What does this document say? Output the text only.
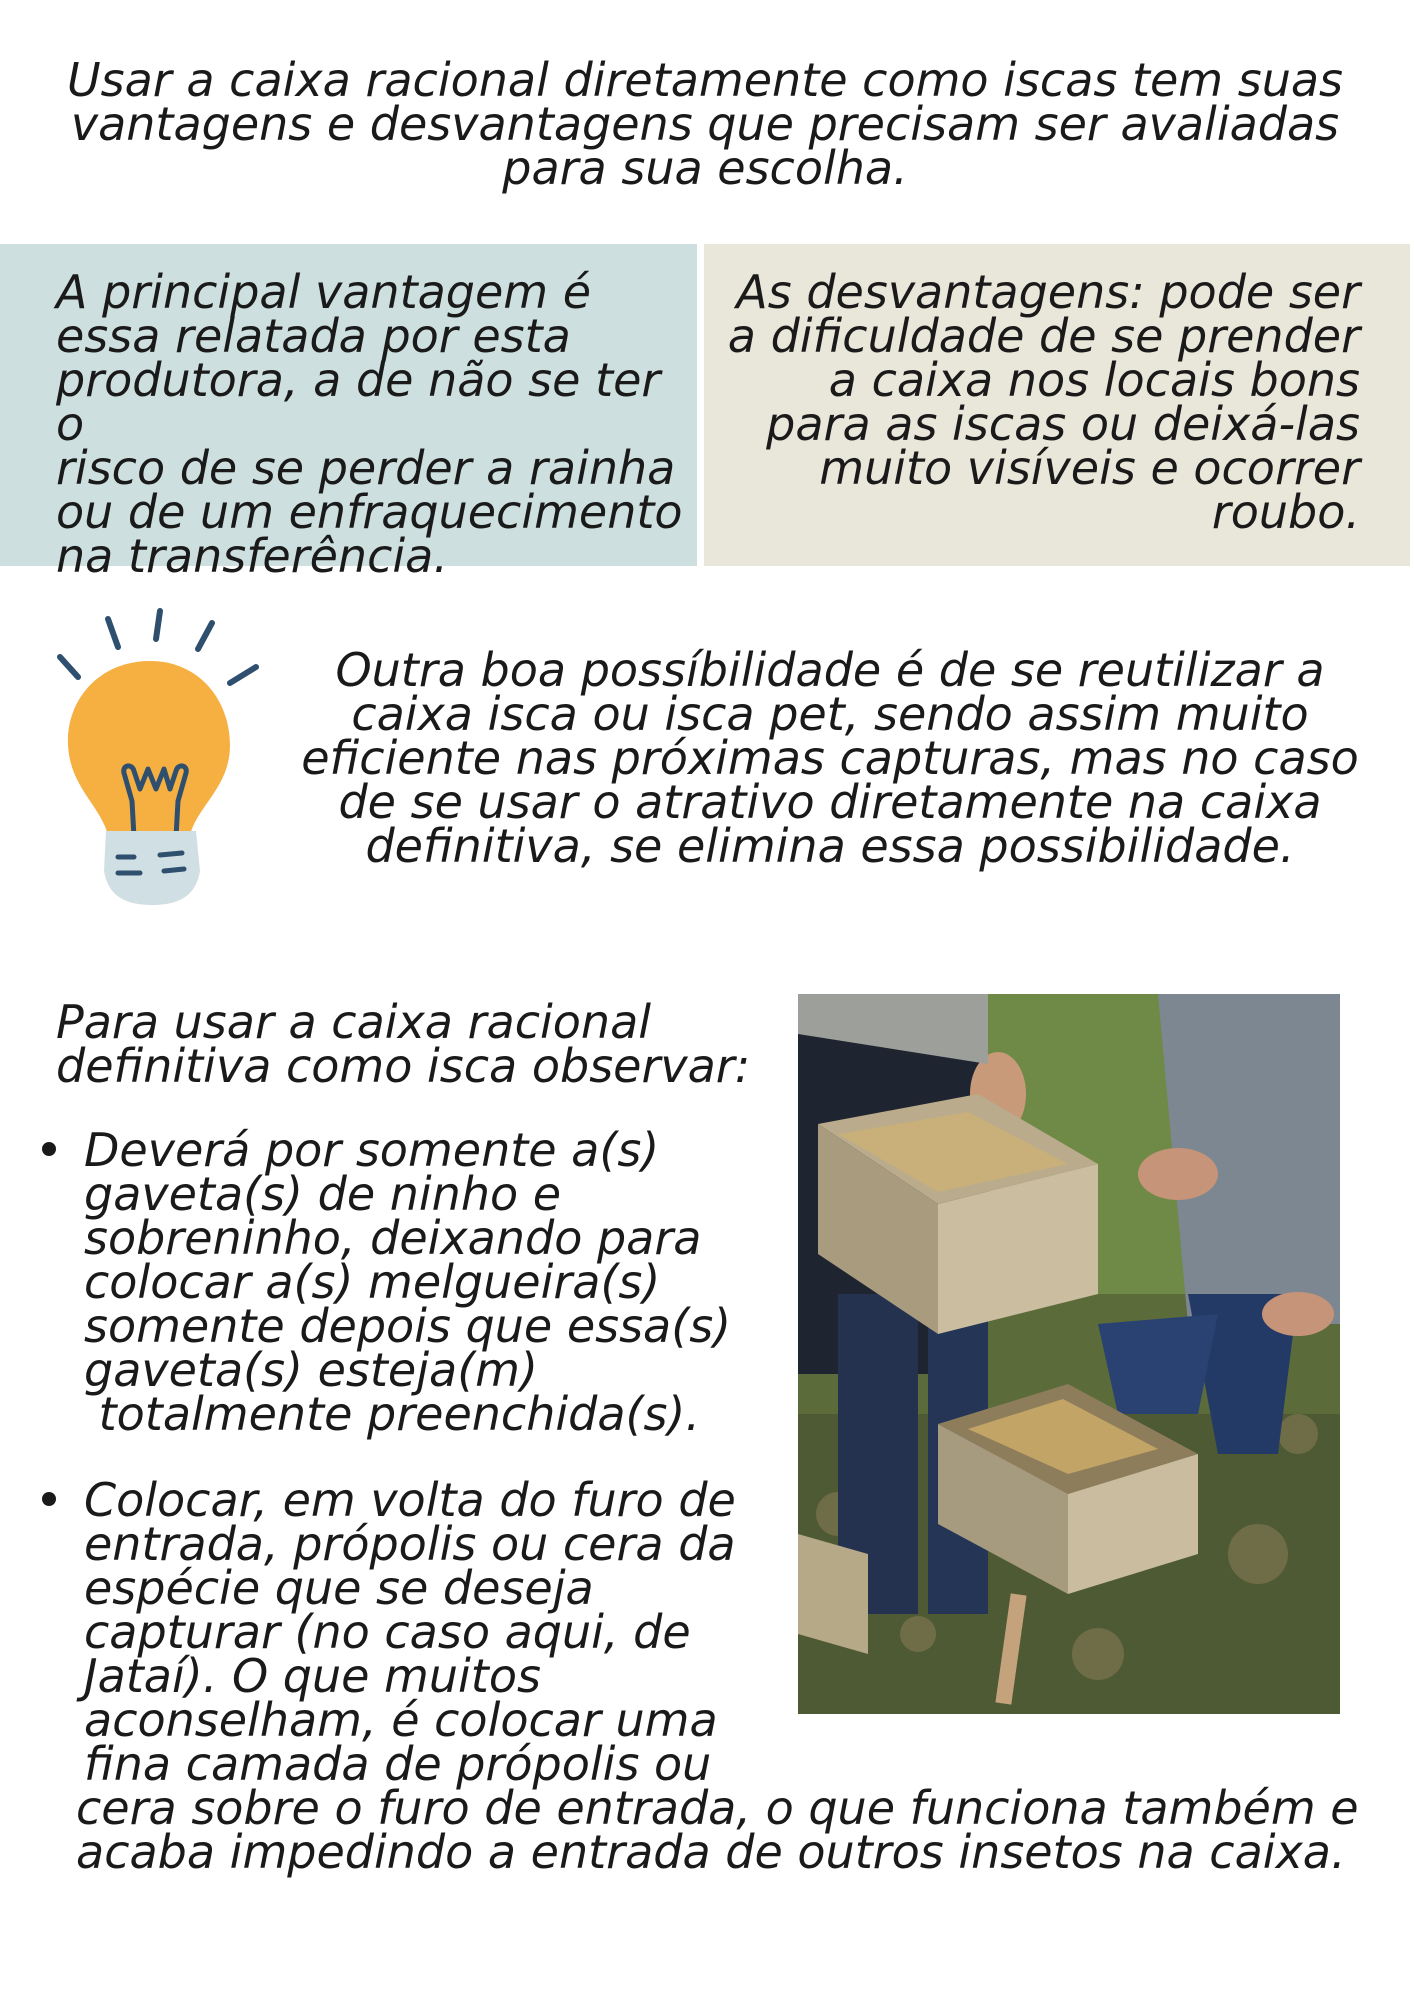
Usar a caixa racional diretamente como iscas tem suas
vantagens e desvantagens que precisam ser avaliadas
para sua escolha.
A principal vantagem é
essa relatada por esta
produtora, a de não se ter o
risco de se perder a rainha
ou de um enfraquecimento
na transferência.
As desvantagens: pode ser
a dificuldade de se prender
a caixa nos locais bons
para as iscas ou deixá-las
muito visíveis e ocorrer
roubo.
Outra boa possíbilidade é de se reutilizar a
caixa isca ou isca pet, sendo assim muito
eficiente nas próximas capturas, mas no caso
de se usar o atrativo diretamente na caixa
definitiva, se elimina essa possibilidade.
Para usar a caixa racional
definitiva como isca observar:
Deverá por somente a(s)
gaveta(s) de ninho e
sobreninho, deixando para
colocar a(s) melgueira(s)
somente depois que essa(s)
gaveta(s) esteja(m)
totalmente preenchida(s).
Colocar, em volta do furo de
entrada, própolis ou cera da
espécie que se deseja
capturar (no caso aqui, de
Jataí). O que muitos
aconselham, é colocar uma
fina camada de própolis ou
cera sobre o furo de entrada, o que funciona também e
acaba impedindo a entrada de outros insetos na caixa.
